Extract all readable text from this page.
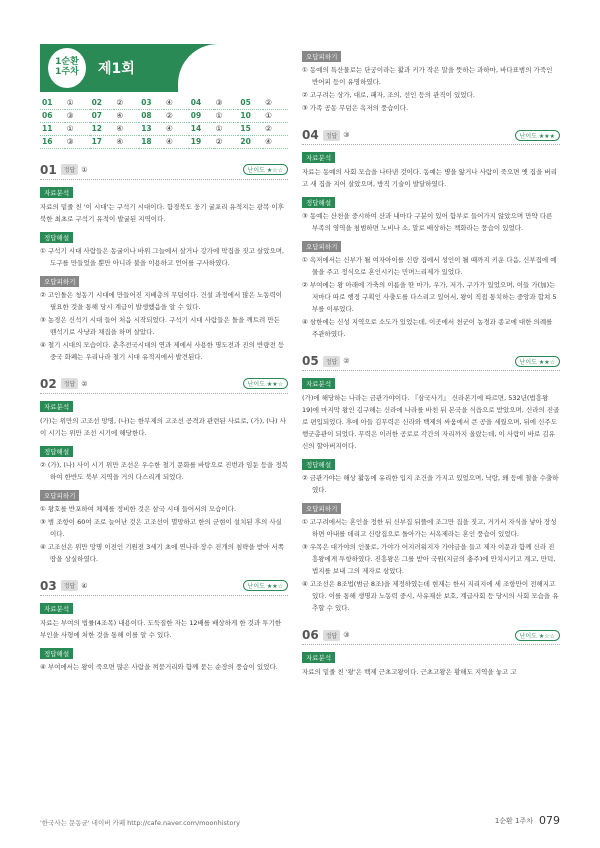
1순환
1주차 제1회
01	①	02	②	03	④	04	③	05	②
06	③	07	④	08	②	09	①	10	①
11	①	12	④	13	④	14	①	15	②
16	③	17	④	18	④	19	②	20	④
01	정답 ①	난이도 ★☆☆
자료분석

자료의 밑줄 친 '이 시대'는 구석기 시대이다. 함경북도 웅기 굴포리 유적지는 광복 이후 북한 최초로 구석기 유적이 발굴된 지역이다.

정답해설

① 구석기 시대 사람들은 동굴이나 바위 그늘에서 살거나 강가에 막집을 짓고 살았으며, 도구를 만들었을 뿐만 아니라 불을 이용하고 언어를 구사하였다.

오답피하기

② 고인돌은 청동기 시대에 만들어진 지배층의 무덤이다. 건설 과정에서 많은 노동력이 필요한 것을 통해 당시 계급이 발생했음을 알 수 있다.

③ 농경은 신석기 시대 들어 처음 시작되었다. 구석기 시대 사람들은 돌을 깨트려 만든 뗀석기로 사냥과 채집을 하며 살았다.

④ 철기 시대의 모습이다. 춘추전국시대의 연과 제에서 사용한 명도전과 진의 반량전 등 중국 화폐는 우리나라 철기 시대 유적지에서 발견된다.

02	정답 ②	난이도 ★★☆
자료분석

(가)는 위만의 고조선 망명, (나)는 한무제의 고조선 공격과 관련된 사료로, (가), (나) 사이 시기는 위만 조선 시기에 해당한다.

정답해설

② (가), (나) 사이 시기 위만 조선은 우수한 철기 문화를 바탕으로 진번과 임둔 등을 정복하여 한반도 북부 지역을 거의 다스리게 되었다.

오답피하기

① 왕호를 반포하여 체제를 정비한 것은 삼국 시대 들어서의 모습이다.

③ 범 조항이 60여 조로 늘어난 것은 고조선이 멸망하고 한의 군현이 설치된 후의 사실이다.

④ 고조선은 위만 망명 이전인 기원전 3세기 초에 연나라 장수 진개의 침략을 받아 서쪽 땅을 상실하였다.

03	정답 ④	난이도 ★★☆
자료분석

자료는 부여의 법률(4조목) 내용이다. 도둑질한 자는 12배를 배상하게 한 것과 투기한 부인을 사형에 처한 것을 통해 이를 알 수 있다.

정답해설

④ 부여에서는 왕이 죽으면 많은 사람을 껴묻거리와 함께 묻는 순장의 풍습이 있었다.

오답피하기

① 동예의 특산물로는 단궁이라는 활과 키가 작은 말을 뜻하는 과하마, 바다표범의 가죽인 반어피 등이 유명하였다.

② 고구려는 상가, 대로, 패자, 조의, 선인 등의 관직이 있었다.

③ 가족 공동 무덤은 옥저의 풍습이다.

04	정답 ③	난이도 ★★★
자료분석

자료는 동예의 사회 모습을 나타낸 것이다. 동예는 병을 앓거나 사람이 죽으면 옛 집을 버리고 새 집을 지어 살았으며, 방직 기술이 발달하였다.

정답해설

③ 동예는 산천을 중시하여 산과 내마다 구분이 있어 함부로 들어가지 않았으며 만약 다른 부족의 영역을 침범하면 노비나 소, 말로 배상하는 책화라는 풍습이 있었다.

오답피하기

① 옥저에서는 신부가 될 여자아이를 신랑 집에서 성인이 될 때까지 키운 다음, 신부집에 예물을 주고 정식으로 혼인시키는 민며느리제가 있었다.

② 부여에는 왕 아래에 가축의 이름을 딴 마가, 우가, 저가, 구가가 있었으며, 이들 가(加)는 저마다 따로 행정 구획인 사출도를 다스리고 있어서, 왕이 직접 통치하는 중앙과 합쳐 5부를 이루었다.

④ 삼한에는 신성 지역으로 소도가 있었는데, 이곳에서 천군이 농경과 종교에 대한 의례를 주관하였다.

05	정답 ②	난이도 ★★☆
자료분석

(가)에 해당하는 나라는 금관가야이다. 『삼국사기』 신라본기에 따르면, 532년(법흥왕 19)에 마지막 왕인 김구해는 신라에 나라를 바친 뒤 본국을 식읍으로 받았으며, 신라의 진골로 편입되었다. 후에 아들 김무력은 신라와 백제의 싸움에서 큰 공을 세웠으며, 뒤에 신주도 행군총관이 되었다. 무력은 이러한 공로로 각간의 자리까지 올랐는데, 이 사람이 바로 김유신의 할아버지이다.

정답해설

② 금관가야는 해상 활동에 유리한 입지 조건을 가지고 있었으며, 낙랑, 왜 등에 철을 수출하였다.

오답피하기

① 고구려에서는 혼인을 정한 뒤 신부집 뒤뜰에 조그만 집을 짓고, 거기서 자식을 낳아 장성하면 아내를 데리고 신랑집으로 돌아가는 서옥제라는 혼인 풍습이 있었다.

③ 우목은 대가야의 인물로, 가야가 어지러워지자 가야금을 들고 제자 이문과 함께 신라 진흥왕에게 투항하였다. 진흥왕은 그를 받아 국원(지금의 충주)에 안치시키고 계고, 만덕, 법지를 보내 그의 제자로 삼았다.

④ 고조선은 8조법(범금 8조)을 제정하였는데 현재는 한서 지리지에 세 조항만이 전해지고 있다. 이를 통해 생명과 노동력 중시, 사유재산 보호, 계급사회 등 당시의 사회 모습을 유추할 수 있다.

06	정답 ③	난이도 ★☆☆
자료분석

자료의 밑줄 친 '왕'은 백제 근초고왕이다. 근초고왕은 황해도 지역을 놓고 고

'한국사는 문동균' 네이버 카페 http://cafe.naver.com/moonhistory	1순환 1주차 079
